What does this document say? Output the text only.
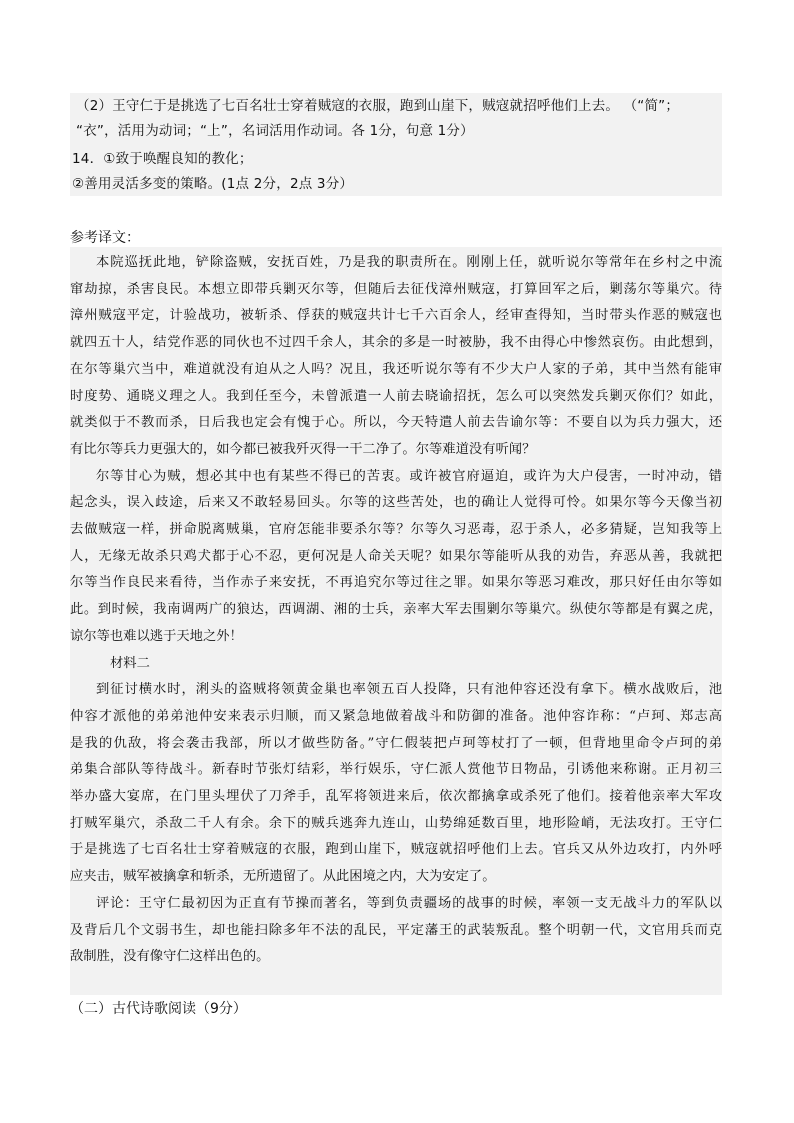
（2）王守仁于是挑选了七百名壮士穿着贼寇的衣服，跑到山崖下，贼寇就招呼他们上去。 （“简”；
“衣”，活用为动词；“上”，名词活用作动词。各 1分，句意 1分）
14．①致于唤醒良知的教化；
②善用灵活多变的策略。(1点 2分，2点 3分）
参考译文：
本院巡抚此地，铲除盗贼，安抚百姓，乃是我的职责所在。刚刚上任，就听说尔等常年在乡村之中流
窜劫掠，杀害良民。本想立即带兵剿灭尔等，但随后去征伐漳州贼寇，打算回军之后，剿荡尔等巢穴。待
漳州贼寇平定，计验战功，被斩杀、俘获的贼寇共计七千六百余人，经审查得知，当时带头作恶的贼寇也
就四五十人，结党作恶的同伙也不过四千余人，其余的多是一时被胁，我不由得心中惨然哀伤。由此想到，
在尔等巢穴当中，难道就没有迫从之人吗？况且，我还听说尔等有不少大户人家的子弟，其中当然有能审
时度势、通晓义理之人。我到任至今，未曾派遣一人前去晓谕招抚，怎么可以突然发兵剿灭你们？如此，
就类似于不教而杀，日后我也定会有愧于心。所以，今天特遣人前去告谕尔等：不要自以为兵力强大，还
有比尔等兵力更强大的，如今都已被我歼灭得一干二净了。尔等难道没有听闻？
尔等甘心为贼，想必其中也有某些不得已的苦衷。或许被官府逼迫，或许为大户侵害，一时冲动，错
起念头，误入歧途，后来又不敢轻易回头。尔等的这些苦处，也的确让人觉得可怜。如果尔等今天像当初
去做贼寇一样，拼命脱离贼巢，官府怎能非要杀尔等？尔等久习恶毒，忍于杀人，必多猜疑，岂知我等上
人，无缘无故杀只鸡犬都于心不忍，更何况是人命关天呢？如果尔等能听从我的劝告，弃恶从善，我就把
尔等当作良民来看待，当作赤子来安抚，不再追究尔等过往之罪。如果尔等恶习难改，那只好任由尔等如
此。到时候，我南调两广的狼达，西调湖、湘的士兵，亲率大军去围剿尔等巢穴。纵使尔等都是有翼之虎，
谅尔等也难以逃于天地之外！
材料二
到征讨横水时，浰头的盗贼将领黄金巢也率领五百人投降，只有池仲容还没有拿下。横水战败后，池
仲容才派他的弟弟池仲安来表示归顺，而又紧急地做着战斗和防御的准备。池仲容诈称：“卢珂、郑志高
是我的仇敌，将会袭击我部，所以才做些防备。”守仁假装把卢珂等杖打了一顿，但背地里命令卢珂的弟
弟集合部队等待战斗。新春时节张灯结彩，举行娱乐，守仁派人赏他节日物品，引诱他来称谢。正月初三
举办盛大宴席，在门里头埋伏了刀斧手，乱军将领进来后，依次都擒拿或杀死了他们。接着他亲率大军攻
打贼军巢穴，杀敌二千人有余。余下的贼兵逃奔九连山，山势绵延数百里，地形险峭，无法攻打。王守仁
于是挑选了七百名壮士穿着贼寇的衣服，跑到山崖下，贼寇就招呼他们上去。官兵又从外边攻打，内外呼
应夹击，贼军被擒拿和斩杀，无所遗留了。从此困境之内，大为安定了。
评论：王守仁最初因为正直有节操而著名，等到负责疆场的战事的时候，率领一支无战斗力的军队以
及背后几个文弱书生，却也能扫除多年不法的乱民，平定藩王的武装叛乱。整个明朝一代，文官用兵而克
敌制胜，没有像守仁这样出色的。
（二）古代诗歌阅读（9分）
